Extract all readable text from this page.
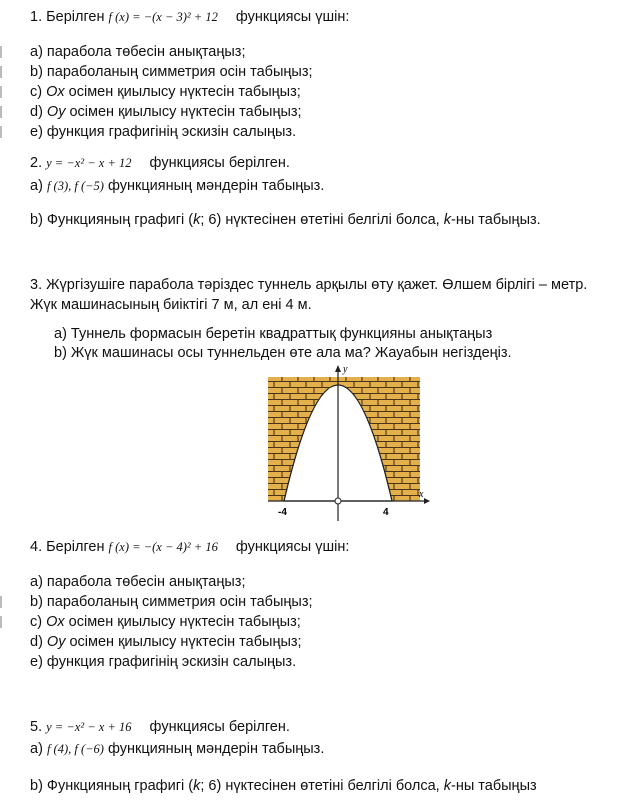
1. Берілген f (x) = −(x − 3)² + 12 функциясы үшін:
a) парабола төбесін анықтаңыз;
b) параболаның симметрия осін табыңыз;
c) Ox осімен қиылысу нүктесін табыңыз;
d) Oy осімен қиылысу нүктесін табыңыз;
e) функция графигінің эскизін салыңыз.
2. y = −x² − x + 12 функциясы берілген.
a) f (3), f (−5) функцияның мәндерін табыңыз.
b) Функцияның графигі (k; 6) нүктесінен өтетіні белгілі болса, k-ны табыңыз.
3. Жүргізушіге парабола тәріздес туннель арқылы өту қажет. Өлшем бірлігі – метр.
Жүк машинасының биіктігі 7 м, ал ені 4 м.
a) Туннель формасын беретін квадраттық функцияны анықтаңыз
b) Жүк машинасы осы туннельден өте ала ма? Жауабын негіздеңіз.
y
x
8
-4	4
4. Берілген f (x) = −(x − 4)² + 16 функциясы үшін:
a) парабола төбесін анықтаңыз;
b) параболаның симметрия осін табыңыз;
c) Ox осімен қиылысу нүктесін табыңыз;
d) Oy осімен қиылысу нүктесін табыңыз;
e) функция графигінің эскизін салыңыз.
5. y = −x² − x + 16 функциясы берілген.
a) f (4), f (−6) функцияның мәндерін табыңыз.
b) Функцияның графигі (k; 6) нүктесінен өтетіні белгілі болса, k-ны табыңыз
